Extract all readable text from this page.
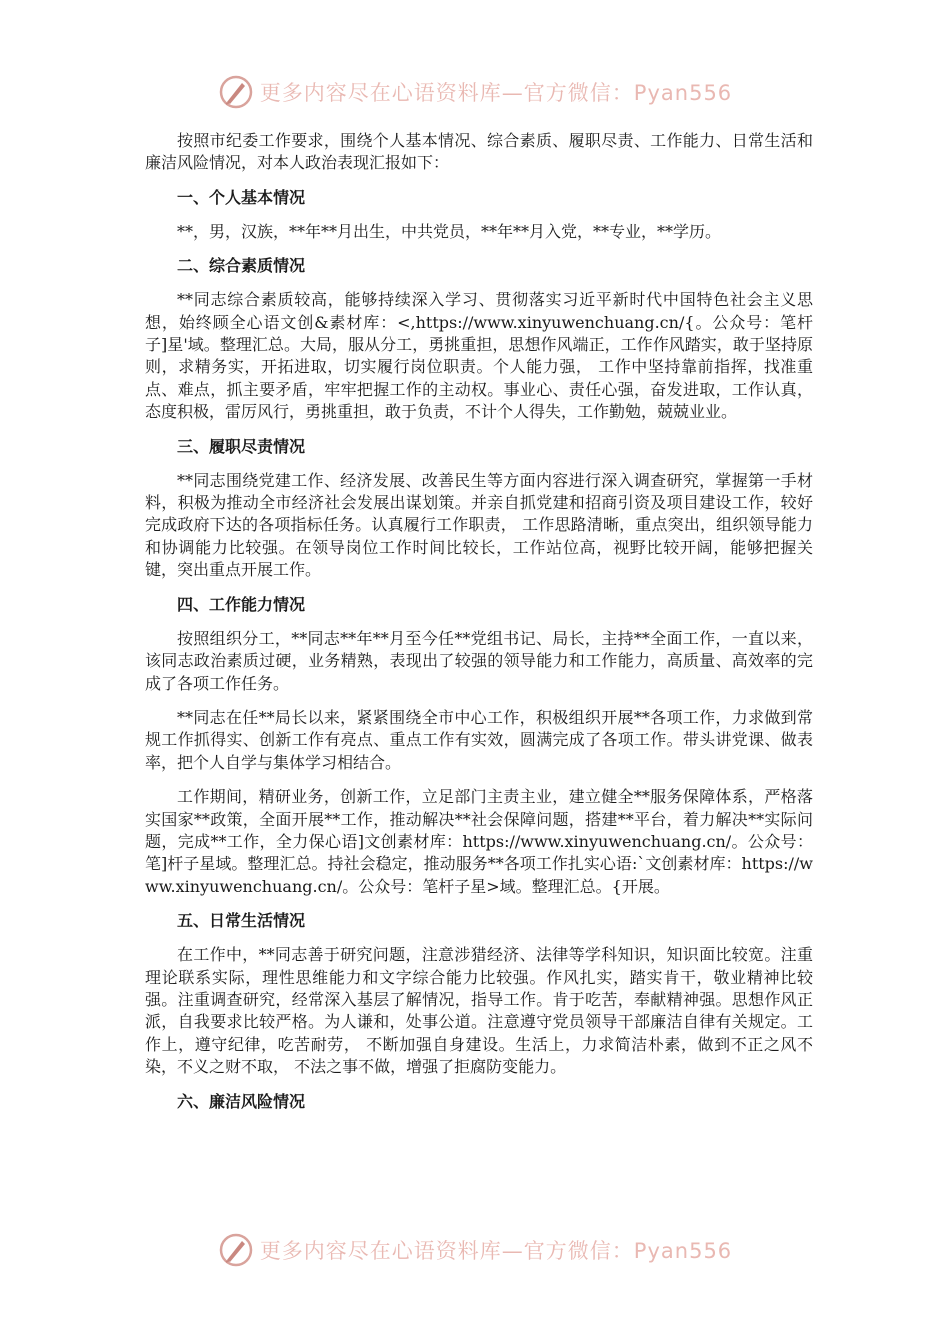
更多内容尽在心语资料库—官方微信：Pyan556
按照市纪委工作要求，围绕个人基本情况、综合素质、履职尽责、工作能力、日常生活和廉洁风险情况，对本人政治表现汇报如下：
一、个人基本情况
**，男，汉族，**年**月出生，中共党员，**年**月入党，**专业，**学历。
二、综合素质情况
**同志综合素质较高，能够持续深入学习、贯彻落实习近平新时代中国特色社会主义思想，始终顾全心语文创&素材库：<,https://www.xinyuwenchuang.cn/{。公众号：笔杆子]星'域。整理汇总。大局，服从分工，勇挑重担，思想作风端正，工作作风踏实，敢于坚持原则，求精务实，开拓进取，切实履行岗位职责。个人能力强， 工作中坚持靠前指挥，找准重点、难点，抓主要矛盾，牢牢把握工作的主动权。事业心、责任心强，奋发进取，工作认真，态度积极，雷厉风行，勇挑重担，敢于负责，不计个人得失，工作勤勉，兢兢业业。
三、履职尽责情况
**同志围绕党建工作、经济发展、改善民生等方面内容进行深入调查研究，掌握第一手材料，积极为推动全市经济社会发展出谋划策。并亲自抓党建和招商引资及项目建设工作，较好完成政府下达的各项指标任务。认真履行工作职责， 工作思路清晰，重点突出，组织领导能力和协调能力比较强。在领导岗位工作时间比较长，工作站位高，视野比较开阔，能够把握关键，突出重点开展工作。
四、工作能力情况
按照组织分工，**同志**年**月至今任**党组书记、局长，主持**全面工作，一直以来，该同志政治素质过硬，业务精熟，表现出了较强的领导能力和工作能力，高质量、高效率的完成了各项工作任务。
**同志在任**局长以来，紧紧围绕全市中心工作，积极组织开展**各项工作，力求做到常规工作抓得实、创新工作有亮点、重点工作有实效，圆满完成了各项工作。带头讲党课、做表率，把个人自学与集体学习相结合。
工作期间，精研业务，创新工作，立足部门主责主业，建立健全**服务保障体系，严格落实国家**政策，全面开展**工作，推动解决**社会保障问题，搭建**平台，着力解决**实际问题，完成**工作，全力保心语]文创素材库：https://www.xinyuwenchuang.cn/。公众号：笔]杆子星域。整理汇总。持社会稳定，推动服务**各项工作扎实心语:`文创素材库：https://www.xinyuwenchuang.cn/。公众号：笔杆子星>域。整理汇总。{开展。
五、日常生活情况
在工作中，**同志善于研究问题，注意涉猎经济、法律等学科知识，知识面比较宽。注重理论联系实际，理性思维能力和文字综合能力比较强。作风扎实，踏实肯干，敬业精神比较强。注重调查研究，经常深入基层了解情况，指导工作。肯于吃苦，奉献精神强。思想作风正派，自我要求比较严格。为人谦和，处事公道。注意遵守党员领导干部廉洁自律有关规定。工作上，遵守纪律，吃苦耐劳， 不断加强自身建设。生活上，力求简洁朴素，做到不正之风不染，不义之财不取， 不法之事不做，增强了拒腐防变能力。
六、廉洁风险情况
更多内容尽在心语资料库—官方微信：Pyan556
